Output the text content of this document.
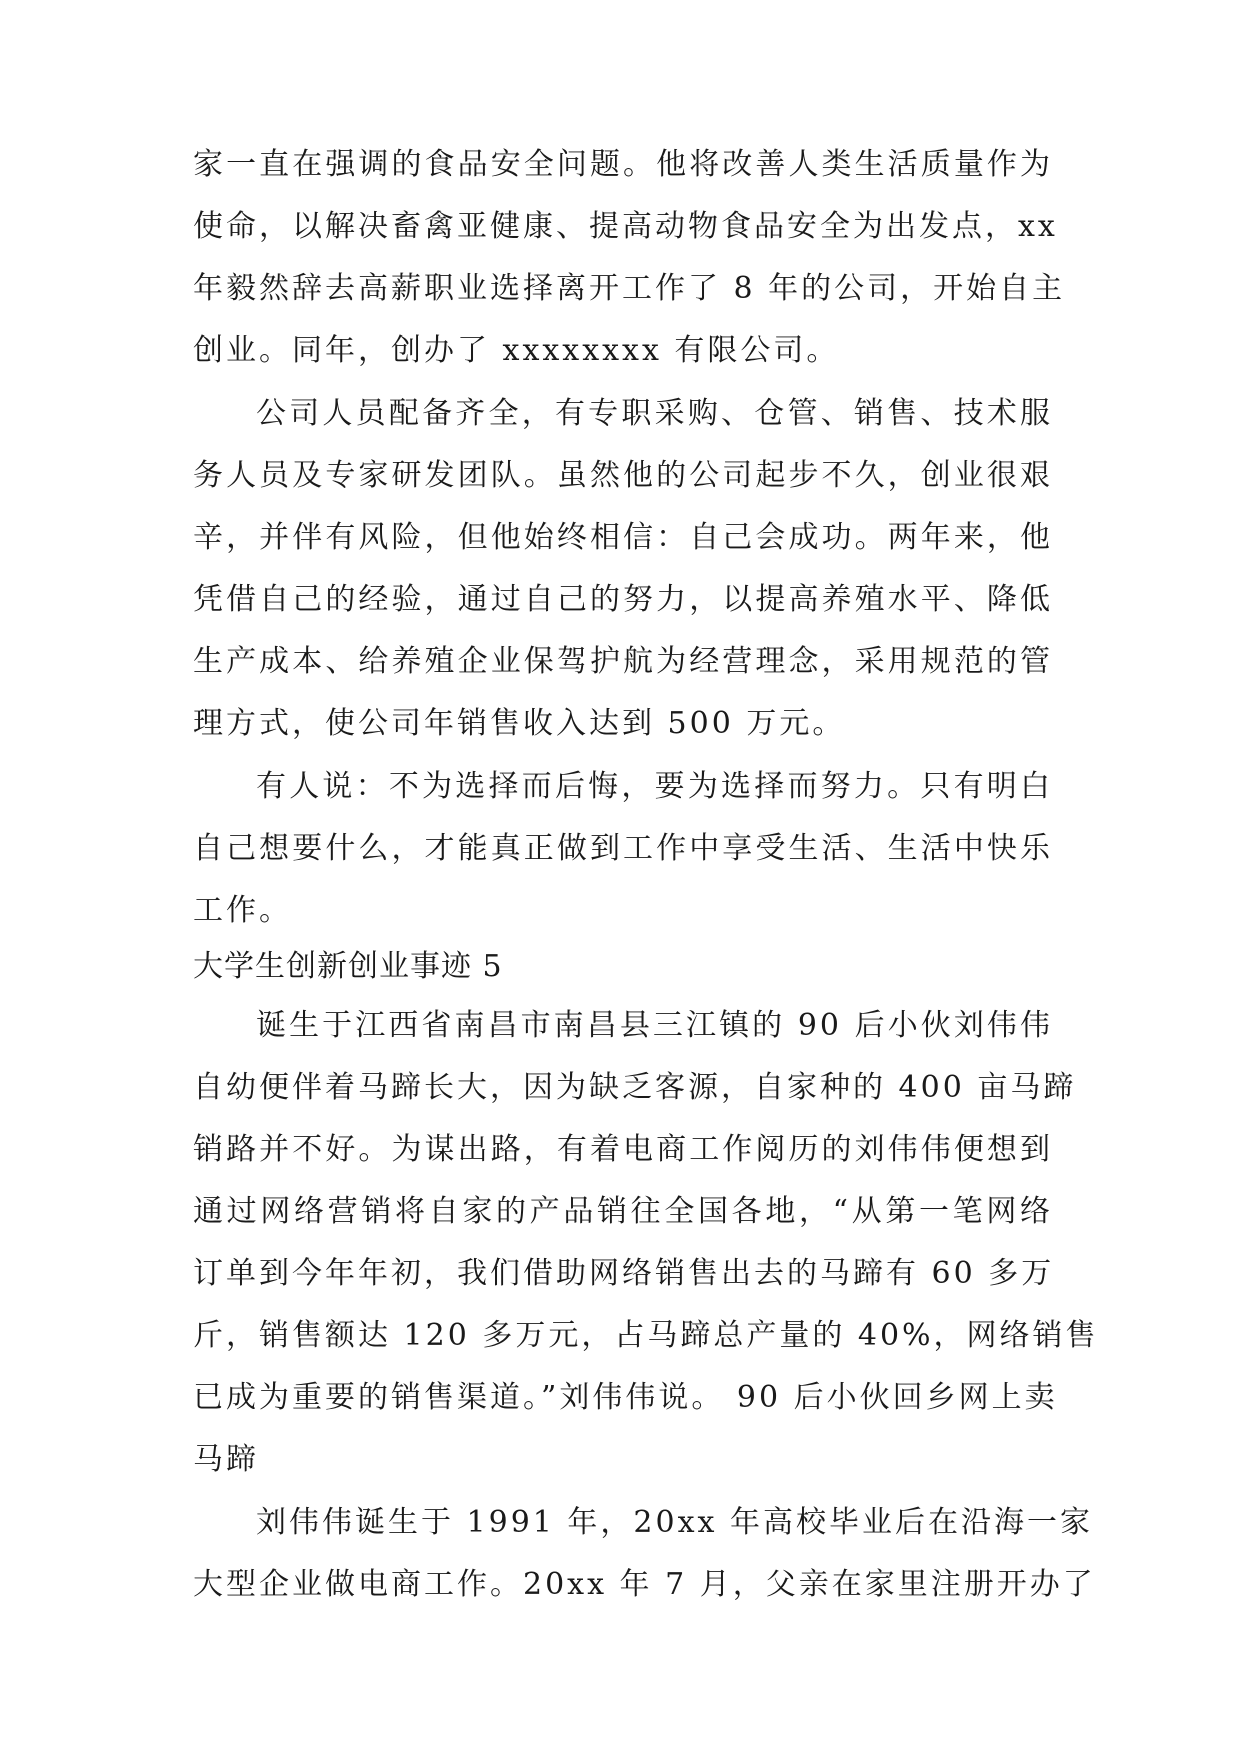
家一直在强调的食品安全问题。他将改善人类生活质量作为
使命，以解决畜禽亚健康、提高动物食品安全为出发点，xx
年毅然辞去高薪职业选择离开工作了 8 年的公司，开始自主
创业。同年，创办了 xxxxxxxx 有限公司。
公司人员配备齐全，有专职采购、仓管、销售、技术服
务人员及专家研发团队。虽然他的公司起步不久，创业很艰
辛，并伴有风险，但他始终相信：自己会成功。两年来，他
凭借自己的经验，通过自己的努力，以提高养殖水平、降低
生产成本、给养殖企业保驾护航为经营理念，采用规范的管
理方式，使公司年销售收入达到 500 万元。
有人说：不为选择而后悔，要为选择而努力。只有明白
自己想要什么，才能真正做到工作中享受生活、生活中快乐
工作。
大学生创新创业事迹 5
诞生于江西省南昌市南昌县三江镇的 90 后小伙刘伟伟
自幼便伴着马蹄长大，因为缺乏客源，自家种的 400 亩马蹄
销路并不好。为谋出路，有着电商工作阅历的刘伟伟便想到
通过网络营销将自家的产品销往全国各地，“从第一笔网络
订单到今年年初，我们借助网络销售出去的马蹄有 60 多万
斤，销售额达 120 多万元，占马蹄总产量的 40%，网络销售
已成为重要的销售渠道。”刘伟伟说。 90 后小伙回乡网上卖
马蹄
刘伟伟诞生于 1991 年，20xx 年高校毕业后在沿海一家
大型企业做电商工作。20xx 年 7 月，父亲在家里注册开办了
